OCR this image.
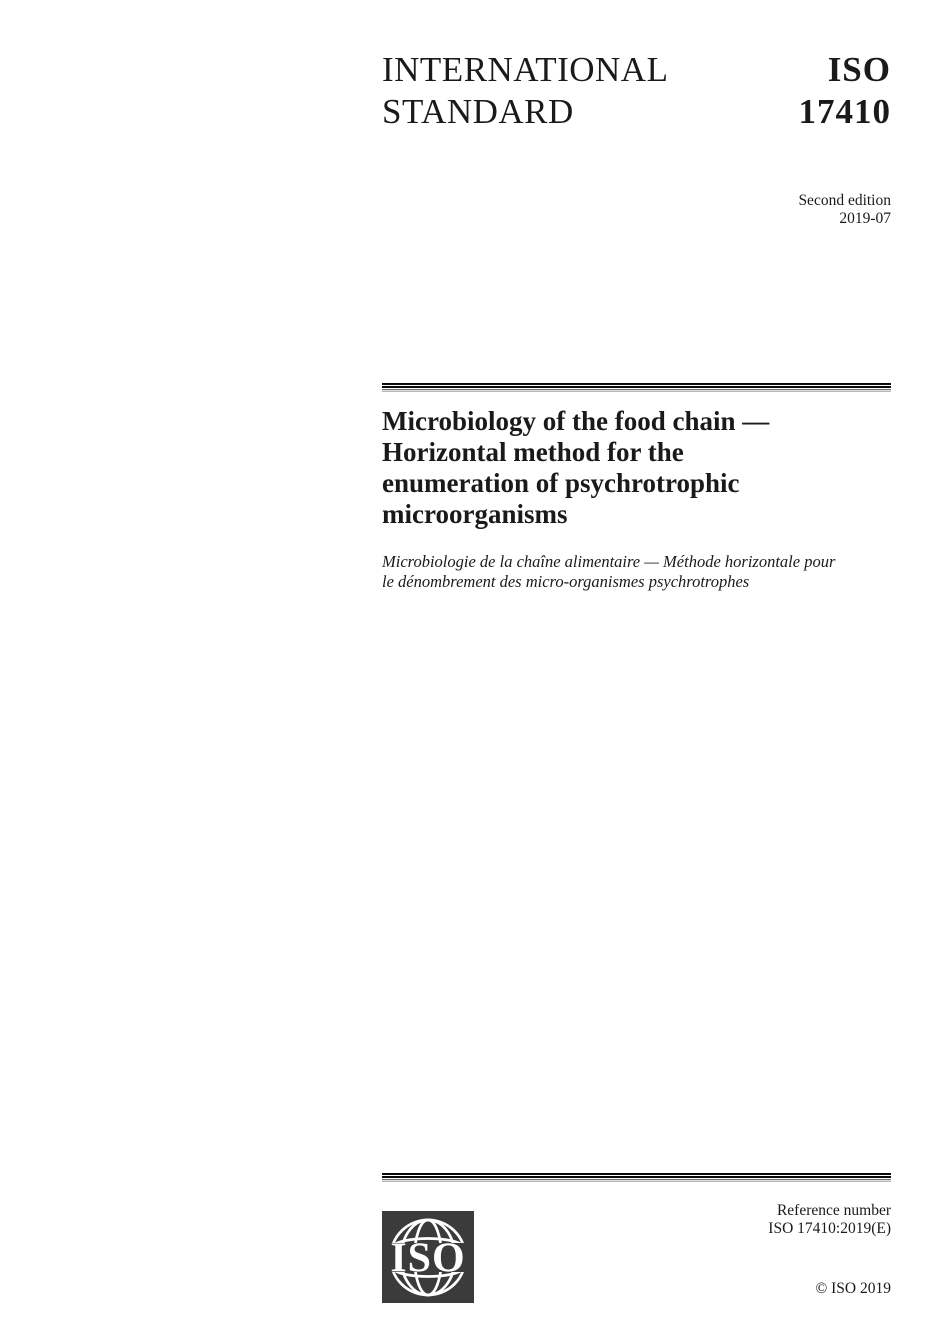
INTERNATIONAL
STANDARD
ISO
17410
Second edition
2019-07
Microbiology of the food chain —
Horizontal method for the
enumeration of psychrotrophic
microorganisms
Microbiologie de la chaîne alimentaire — Méthode horizontale pour
le dénombrement des micro-organismes psychrotrophes
ISO
Reference number
ISO 17410:2019(E)
© ISO 2019
